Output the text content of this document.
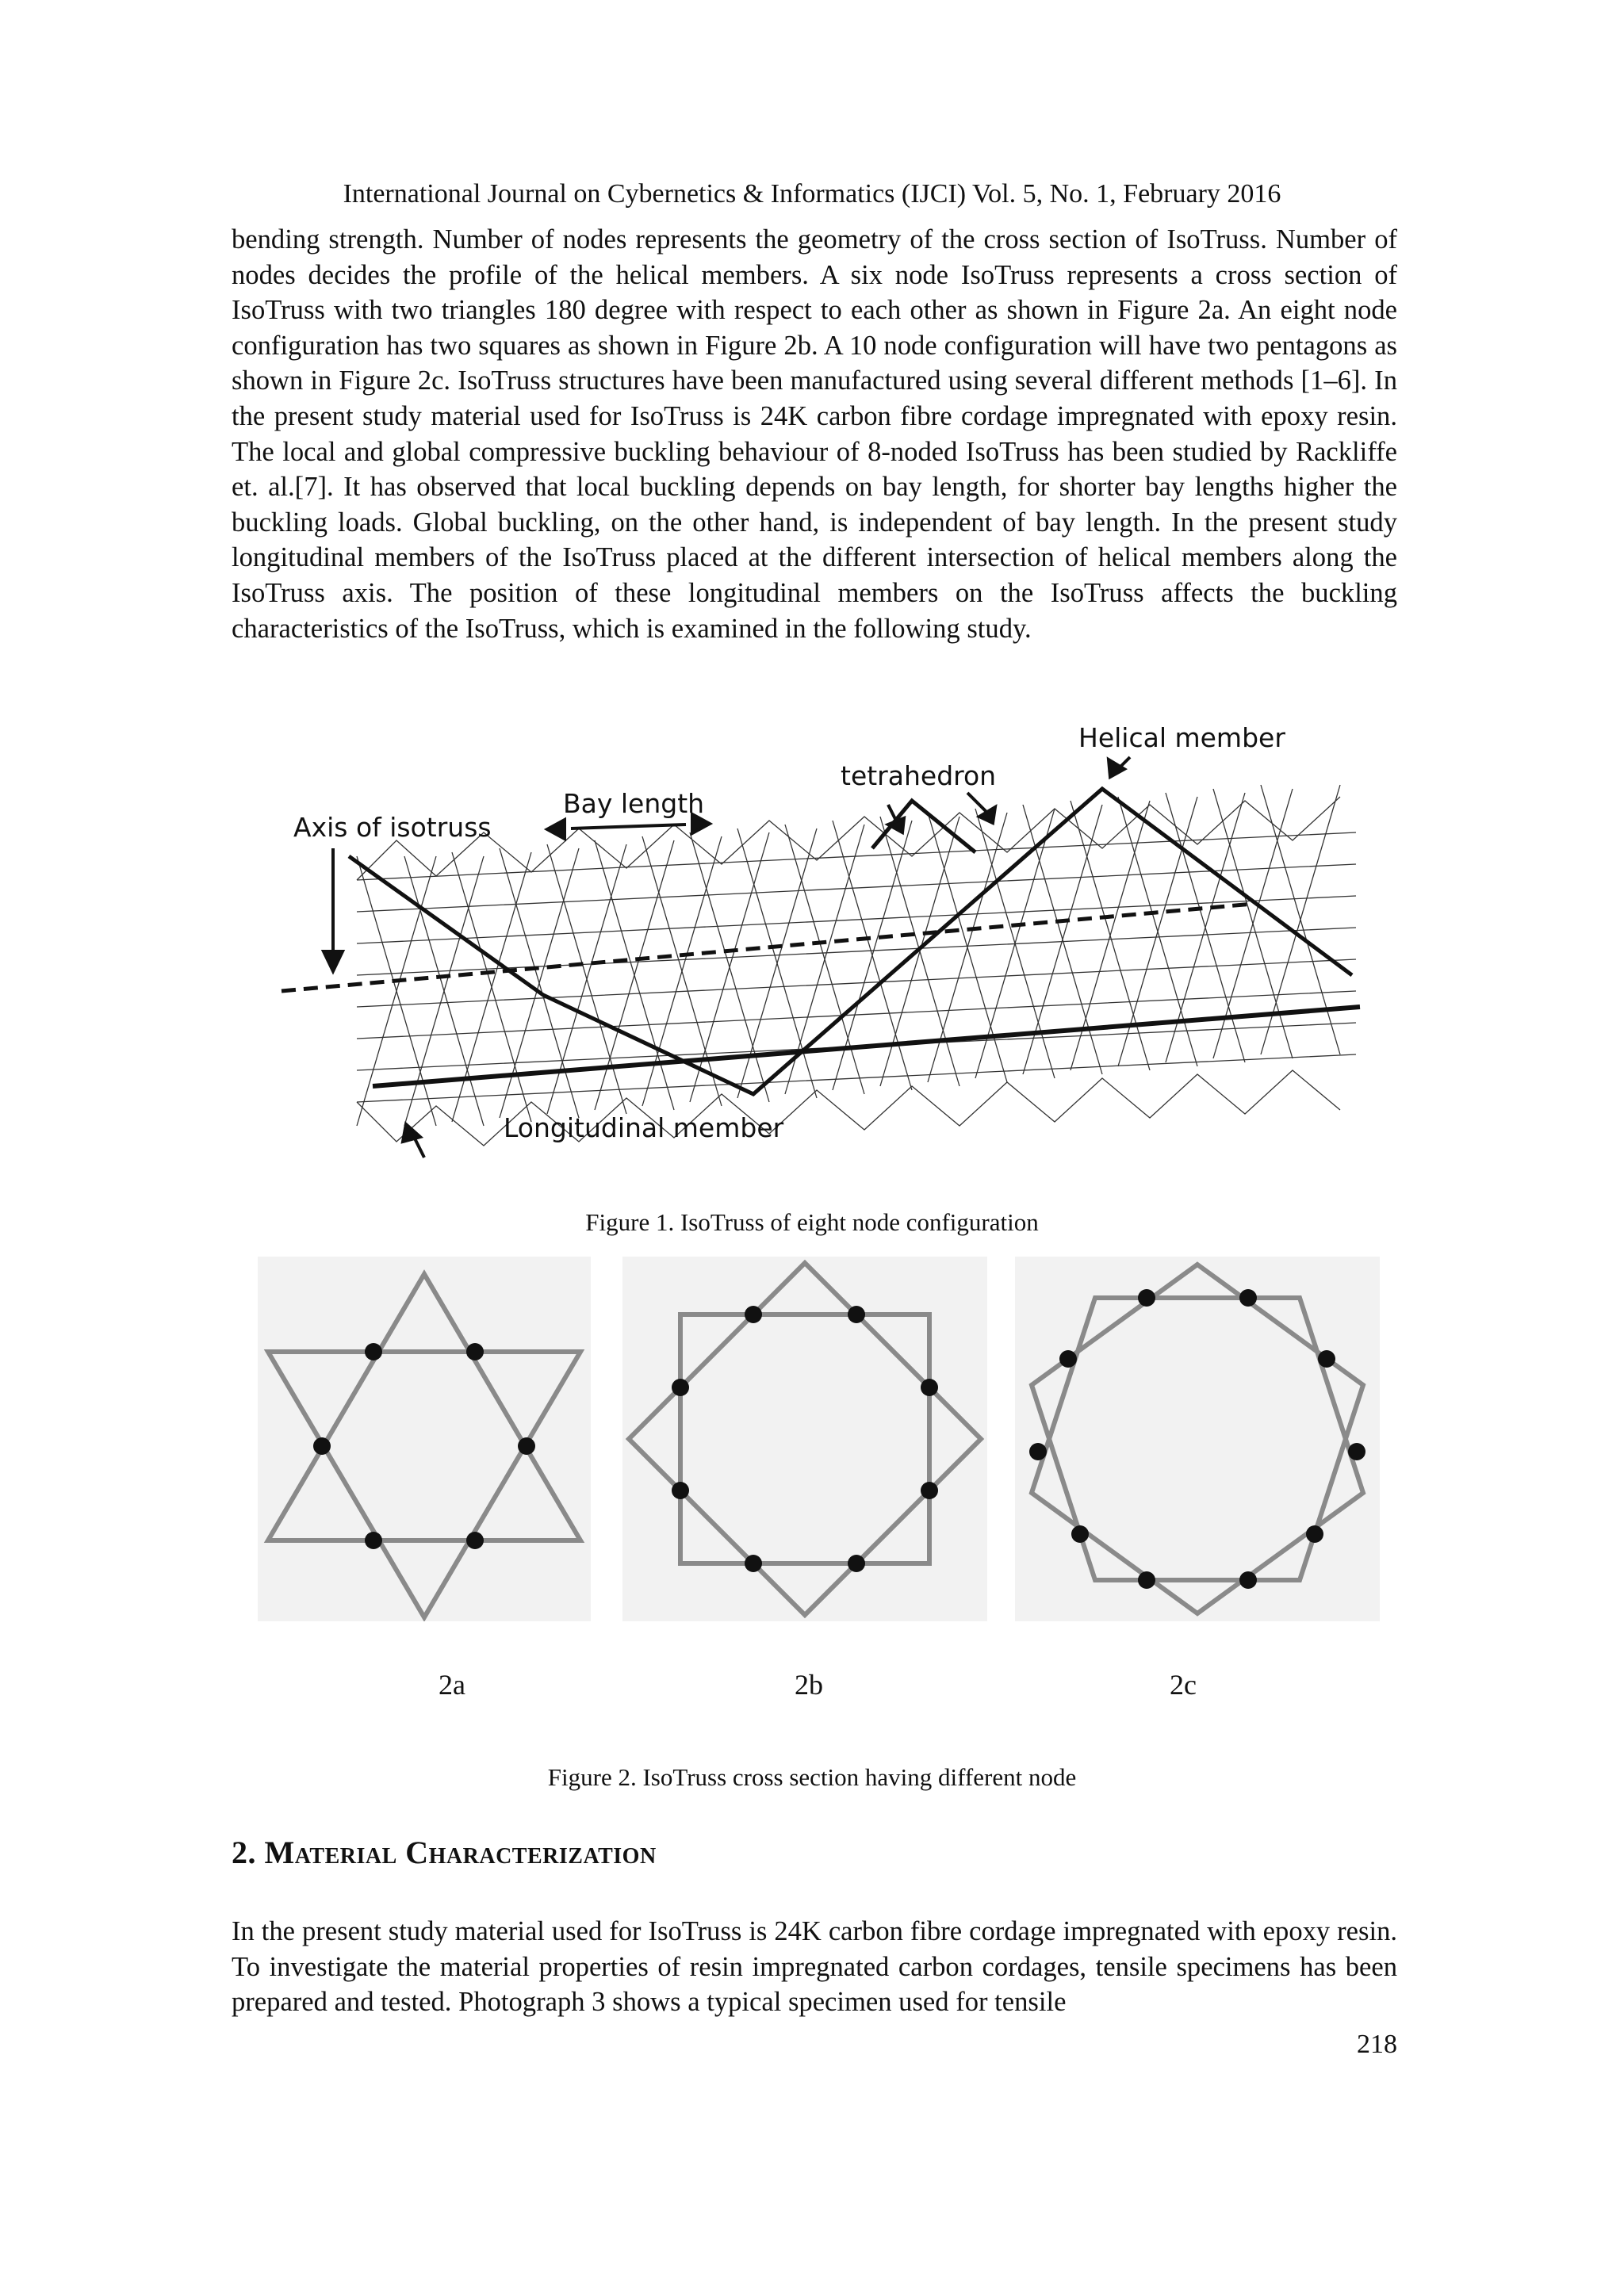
International Journal on Cybernetics & Informatics (IJCI) Vol. 5, No. 1, February 2016

bending strength. Number of nodes represents the geometry of the cross section of IsoTruss. Number of nodes decides the profile of the helical members. A six node IsoTruss represents a cross section of IsoTruss with two triangles 180 degree with respect to each other as shown in Figure 2a. An eight node configuration has two squares as shown in Figure 2b. A 10 node configuration will have two pentagons as shown in Figure 2c. IsoTruss structures have been manufactured using several different methods [1–6]. In the present study material used for IsoTruss is 24K carbon fibre cordage impregnated with epoxy resin. The local and global compressive buckling behaviour of 8-noded IsoTruss has been studied by Rackliffe et. al.[7]. It has observed that local buckling depends on bay length, for shorter bay lengths higher the buckling loads. Global buckling, on the other hand, is independent of bay length. In the present study longitudinal members of the IsoTruss placed at the different intersection of helical members along the IsoTruss axis. The position of these longitudinal members on the IsoTruss affects the buckling characteristics of the IsoTruss, which is examined in the following study.

Helical member
tetrahedron
Bay length
Axis of isotruss
Longitudinal member
Figure 1. IsoTruss of eight node configuration
2a	2b	2c
Figure 2. IsoTruss cross section having different node
2. Material Characterization

In the present study material used for IsoTruss is 24K carbon fibre cordage impregnated with epoxy resin. To investigate the material properties of resin impregnated carbon cordages, tensile specimens has been prepared and tested. Photograph 3 shows a typical specimen used for tensile

218
